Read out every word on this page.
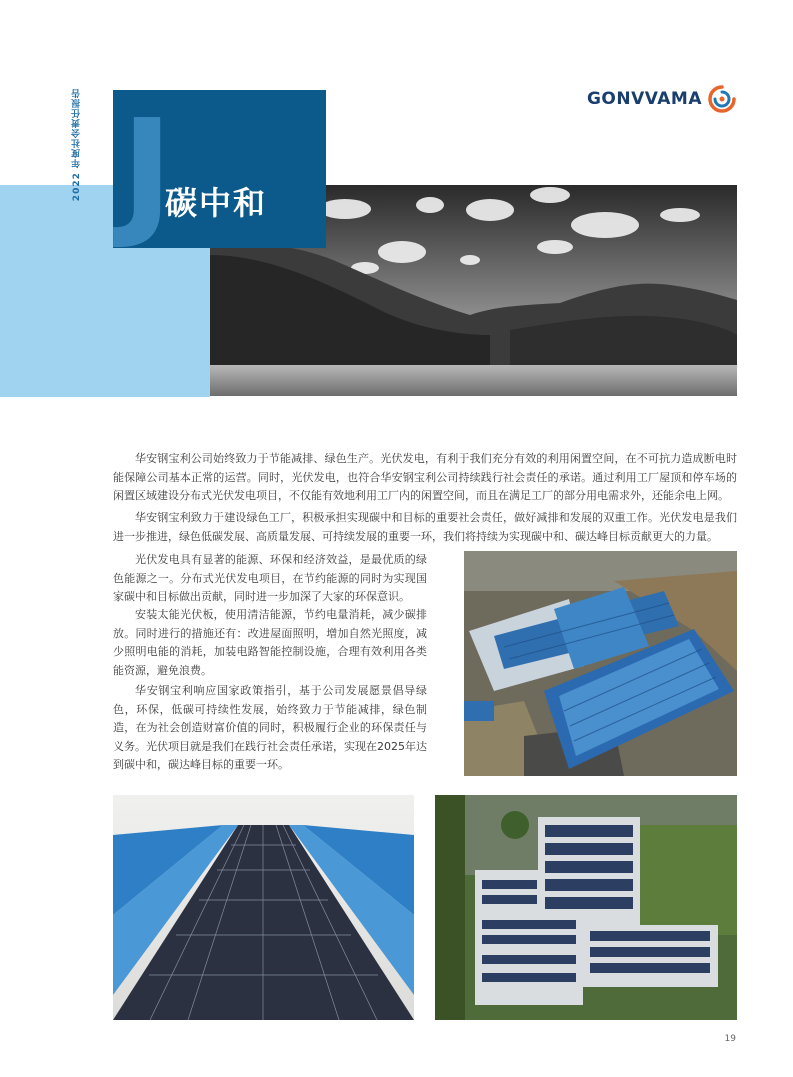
2022 年度社会责任报告 J
碳中和
GONVVAMA

华安钢宝利公司始终致力于节能减排、绿色生产。光伏发电，有利于我们充分有效的利用闲置空间，在不可抗力造成断电时能保障公司基本正常的运营。同时，光伏发电，也符合华安钢宝利公司持续践行社会责任的承诺。通过利用工厂屋顶和停车场的闲置区域建设分布式光伏发电项目，不仅能有效地利用工厂内的闲置空间，而且在满足工厂的部分用电需求外，还能余电上网。

华安钢宝利致力于建设绿色工厂，积极承担实现碳中和目标的重要社会责任，做好减排和发展的双重工作。光伏发电是我们进一步推进，绿色低碳发展、高质量发展、可持续发展的重要一环，我们将持续为实现碳中和、碳达峰目标贡献更大的力量。

光伏发电具有显著的能源、环保和经济效益，是最优质的绿色能源之一。分布式光伏发电项目，在节约能源的同时为实现国家碳中和目标做出贡献，同时进一步加深了大家的环保意识。

安装太能光伏板，使用清洁能源，节约电量消耗，减少碳排放。同时进行的措施还有：改进屋面照明，增加自然光照度，减少照明电能的消耗，加装电路智能控制设施，合理有效利用各类能资源，避免浪费。

华安钢宝利响应国家政策指引，基于公司发展愿景倡导绿色，环保，低碳可持续性发展，始终致力于节能减排，绿色制造，在为社会创造财富价值的同时，积极履行企业的环保责任与义务。光伏项目就是我们在践行社会责任承诺，实现在2025年达到碳中和，碳达峰目标的重要一环。

19
